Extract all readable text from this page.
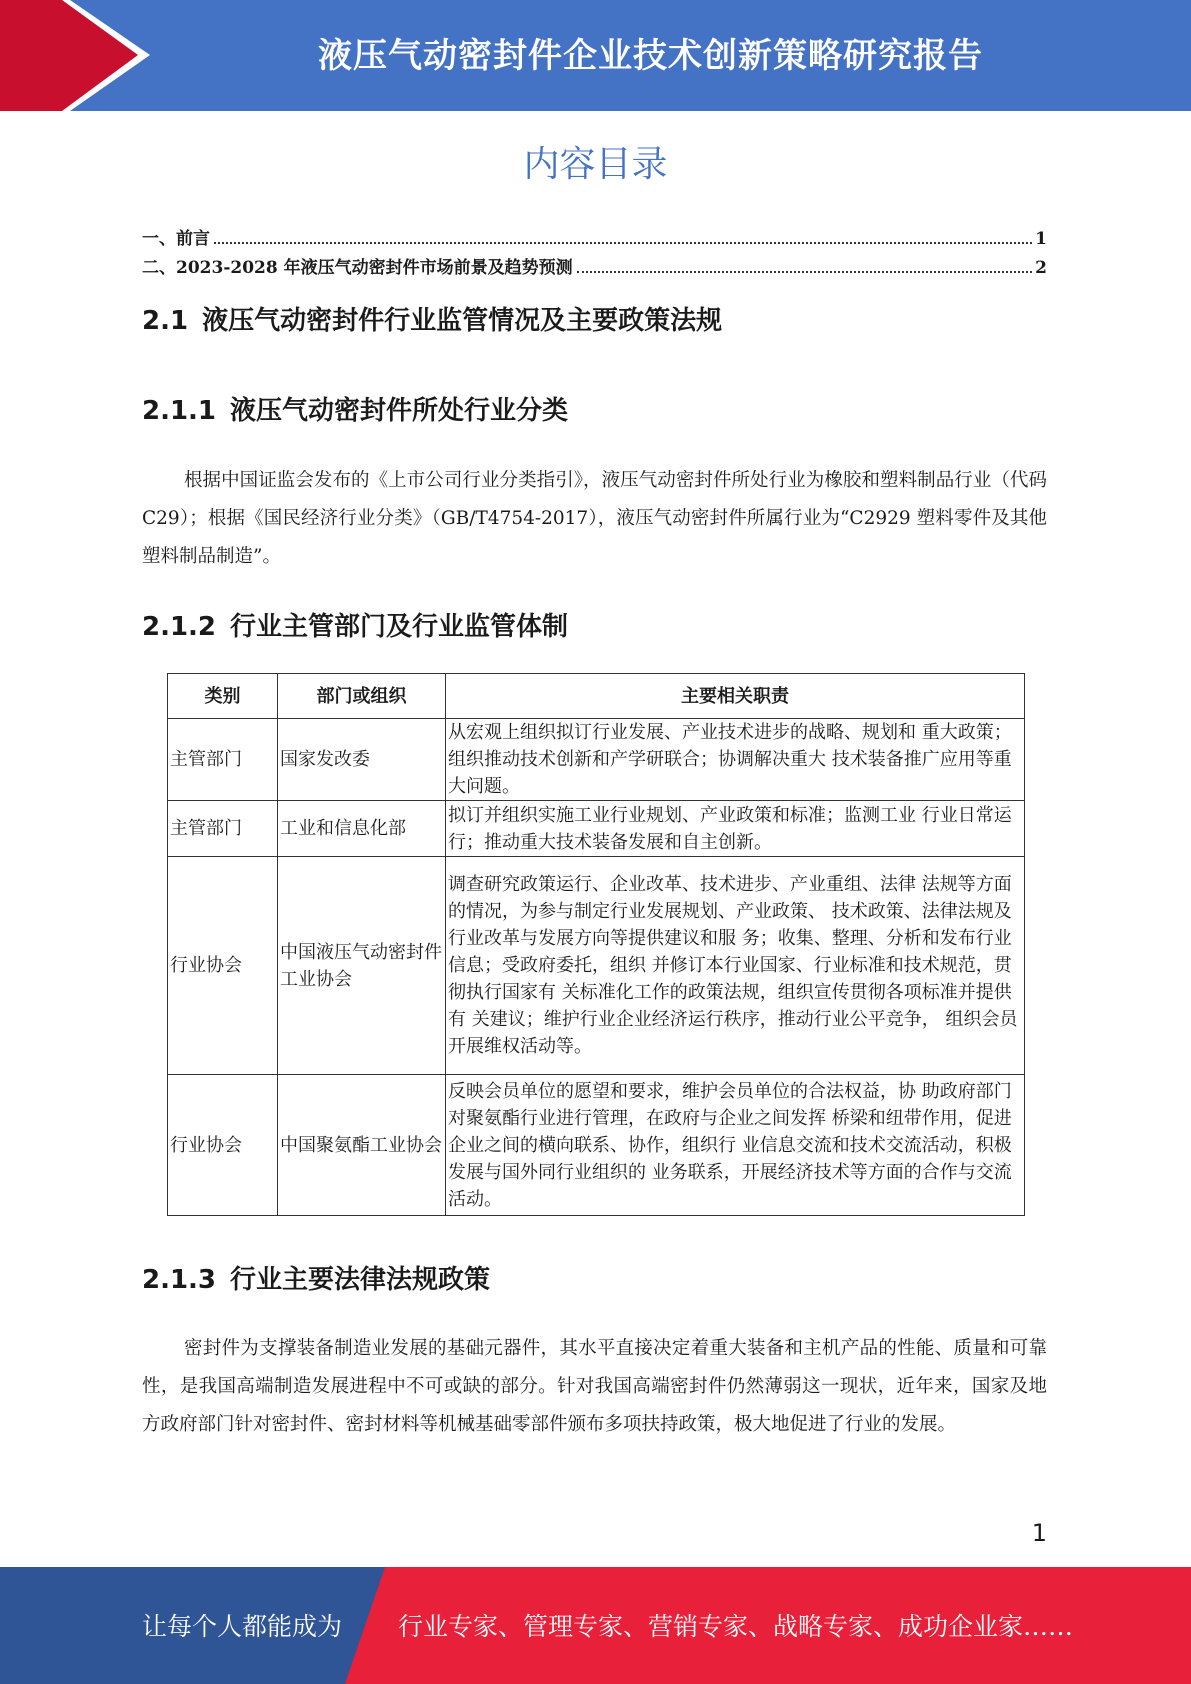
液压气动密封件企业技术创新策略研究报告
内容目录
一、前言	1
二、2023-2028 年液压气动密封件市场前景及趋势预测	2
2.1 液压气动密封件行业监管情况及主要政策法规
2.1.1 液压气动密封件所处行业分类

根据中国证监会发布的《上市公司行业分类指引》，液压气动密封件所处行业为橡胶和塑料制品行业（代码 C29）；根据《国民经济行业分类》（GB/T4754-2017），液压气动密封件所属行业为“C2929 塑料零件及其他塑料制品制造”。

2.1.2 行业主管部门及行业监管体制
类别	部门或组织	主要相关职责
主管部门	国家发改委	从宏观上组织拟订行业发展、产业技术进步的战略、规划和 重大政策；组织推动技术创新和产学研联合；协调解决重大 技术装备推广应用等重大问题。
主管部门	工业和信息化部	拟订并组织实施工业行业规划、产业政策和标准；监测工业 行业日常运行；推动重大技术装备发展和自主创新。
行业协会	中国液压气动密封件工业协会	调查研究政策运行、企业改革、技术进步、产业重组、法律 法规等方面的情况，为参与制定行业发展规划、产业政策、 技术政策、法律法规及行业改革与发展方向等提供建议和服 务；收集、整理、分析和发布行业信息；受政府委托，组织 并修订本行业国家、行业标准和技术规范，贯彻执行国家有 关标准化工作的政策法规，组织宣传贯彻各项标准并提供有 关建议；维护行业企业经济运行秩序，推动行业公平竞争， 组织会员开展维权活动等。
行业协会	中国聚氨酯工业协会	反映会员单位的愿望和要求，维护会员单位的合法权益，协 助政府部门对聚氨酯行业进行管理，在政府与企业之间发挥 桥梁和纽带作用，促进企业之间的横向联系、协作，组织行 业信息交流和技术交流活动，积极发展与国外同行业组织的 业务联系，开展经济技术等方面的合作与交流活动。
2.1.3 行业主要法律法规政策

密封件为支撑装备制造业发展的基础元器件，其水平直接决定着重大装备和主机产品的性能、质量和可靠性，是我国高端制造发展进程中不可或缺的部分。针对我国高端密封件仍然薄弱这一现状，近年来，国家及地方政府部门针对密封件、密封材料等机械基础零部件颁布多项扶持政策，极大地促进了行业的发展。

1
让每个人都能成为 行业专家、管理专家、营销专家、战略专家、成功企业家……
